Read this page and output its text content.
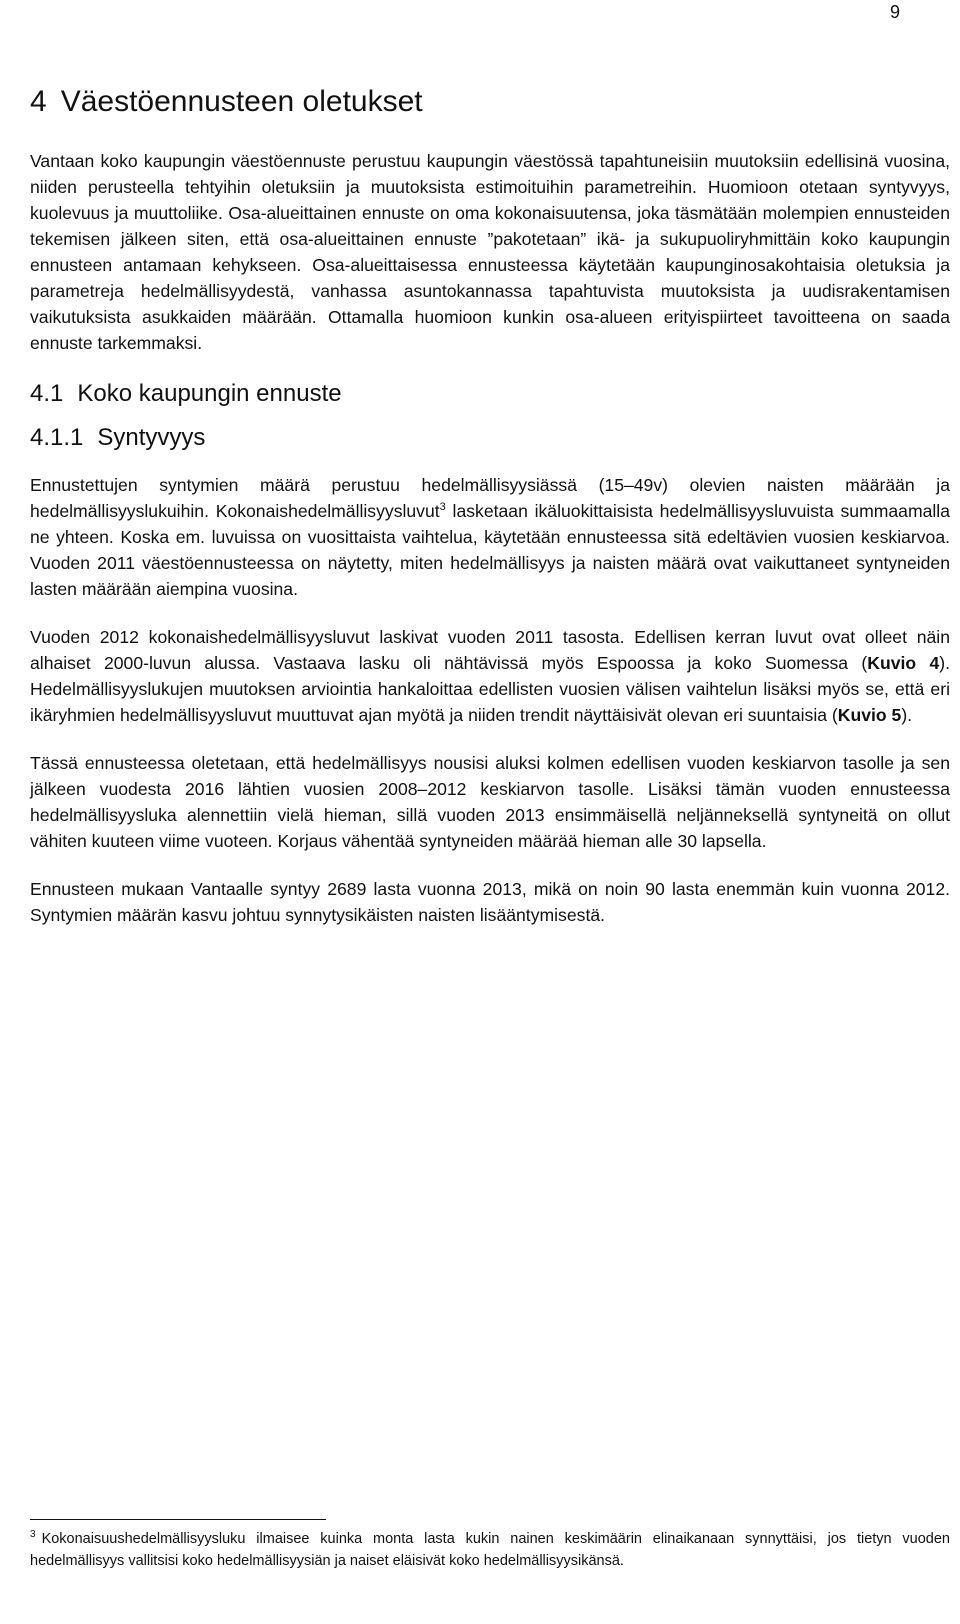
9
4 Väestöennusteen oletukset

Vantaan koko kaupungin väestöennuste perustuu kaupungin väestössä tapahtuneisiin muutoksiin edellisinä vuosina, niiden perusteella tehtyihin oletuksiin ja muutoksista estimoituihin parametreihin. Huomioon otetaan syntyvyys, kuolevuus ja muuttoliike. Osa-alueittainen ennuste on oma kokonaisuutensa, joka täsmätään molempien ennusteiden tekemisen jälkeen siten, että osa-alueittainen ennuste ”pakotetaan” ikä- ja sukupuoliryhmittäin koko kaupungin ennusteen antamaan kehykseen. Osa-alueittaisessa ennusteessa käytetään kaupunginosakohtaisia oletuksia ja parametreja hedelmällisyydestä, vanhassa asuntokannassa tapahtuvista muutoksista ja uudisrakentamisen vaikutuksista asukkaiden määrään. Ottamalla huomioon kunkin osa-alueen erityispiirteet tavoitteena on saada ennuste tarkemmaksi.

4.1 Koko kaupungin ennuste
4.1.1 Syntyvyys

Ennustettujen syntymien määrä perustuu hedelmällisyysiässä (15–49v) olevien naisten määrään ja hedelmällisyyslukuihin. Kokonaishedelmällisyysluvut$^3$ lasketaan ikäluokittaisista hedelmällisyysluvuista summaamalla ne yhteen. Koska em. luvuissa on vuosittaista vaihtelua, käytetään ennusteessa sitä edeltävien vuosien keskiarvoa. Vuoden 2011 väestöennusteessa on näytetty, miten hedelmällisyys ja naisten määrä ovat vaikuttaneet syntyneiden lasten määrään aiempina vuosina.

Vuoden 2012 kokonaishedelmällisyysluvut laskivat vuoden 2011 tasosta. Edellisen kerran luvut ovat olleet näin alhaiset 2000-luvun alussa. Vastaava lasku oli nähtävissä myös Espoossa ja koko Suomessa (Kuvio 4). Hedelmällisyyslukujen muutoksen arviointia hankaloittaa edellisten vuosien välisen vaihtelun lisäksi myös se, että eri ikäryhmien hedelmällisyysluvut muuttuvat ajan myötä ja niiden trendit näyttäisivät olevan eri suuntaisia (Kuvio 5).

Tässä ennusteessa oletetaan, että hedelmällisyys nousisi aluksi kolmen edellisen vuoden keskiarvon tasolle ja sen jälkeen vuodesta 2016 lähtien vuosien 2008–2012 keskiarvon tasolle. Lisäksi tämän vuoden ennusteessa hedelmällisyysluka alennettiin vielä hieman, sillä vuoden 2013 ensimmäisellä neljänneksellä syntyneitä on ollut vähiten kuuteen viime vuoteen. Korjaus vähentää syntyneiden määrää hieman alle 30 lapsella.

Ennusteen mukaan Vantaalle syntyy 2689 lasta vuonna 2013, mikä on noin 90 lasta enemmän kuin vuonna 2012. Syntymien määrän kasvu johtuu synnytysikäisten naisten lisääntymisestä.

$^3$ Kokonaisuushedelmällisyysluku ilmaisee kuinka monta lasta kukin nainen keskimäärin elinaikanaan synnyttäisi, jos tietyn vuoden hedelmällisyys vallitsisi koko hedelmällisyysiän ja naiset eläisivät koko hedelmällisyysikänsä.
